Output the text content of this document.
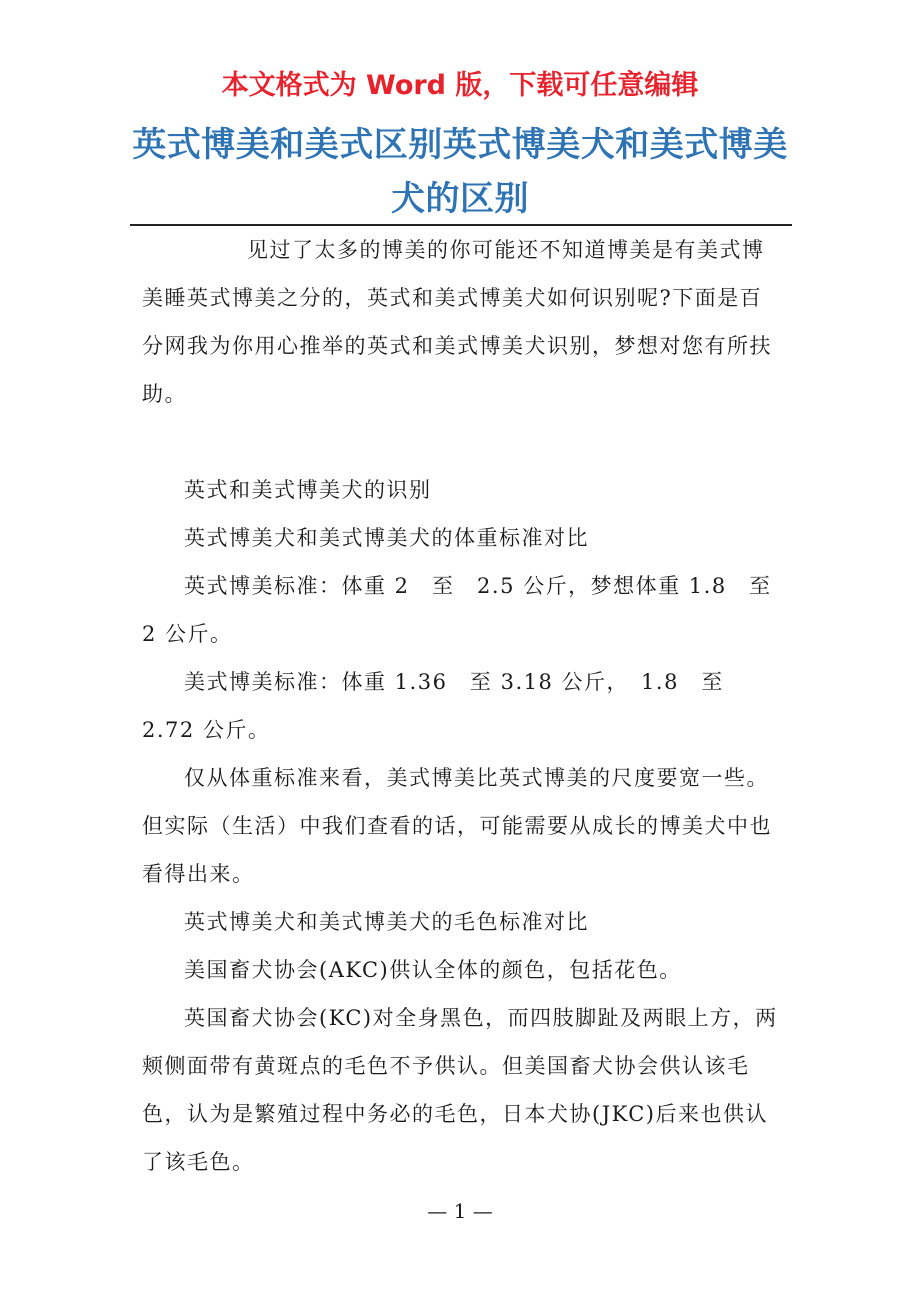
本文格式为 Word 版，下载可任意编辑
英式博美和美式区别英式博美犬和美式博美犬的区别

见过了太多的博美的你可能还不知道博美是有美式博美睡英式博美之分的，英式和美式博美犬如何识别呢?下面是百分网我为你用心推举的英式和美式博美犬识别，梦想对您有所扶助。

英式和美式博美犬的识别

英式博美犬和美式博美犬的体重标准对比

英式博美标准：体重 2　至　2.5 公斤，梦想体重 1.8　至 2 公斤。

美式博美标准：体重 1.36　至 3.18 公斤，　1.8　至　2.72 公斤。

仅从体重标准来看，美式博美比英式博美的尺度要宽一些。但实际（生活）中我们查看的话，可能需要从成长的博美犬中也看得出来。

英式博美犬和美式博美犬的毛色标准对比

美国畜犬协会(AKC)供认全体的颜色，包括花色。

英国畜犬协会(KC)对全身黑色，而四肢脚趾及两眼上方，两颊侧面带有黄斑点的毛色不予供认。但美国畜犬协会供认该毛色，认为是繁殖过程中务必的毛色，日本犬协(JKC)后来也供认了该毛色。

— 1 —
